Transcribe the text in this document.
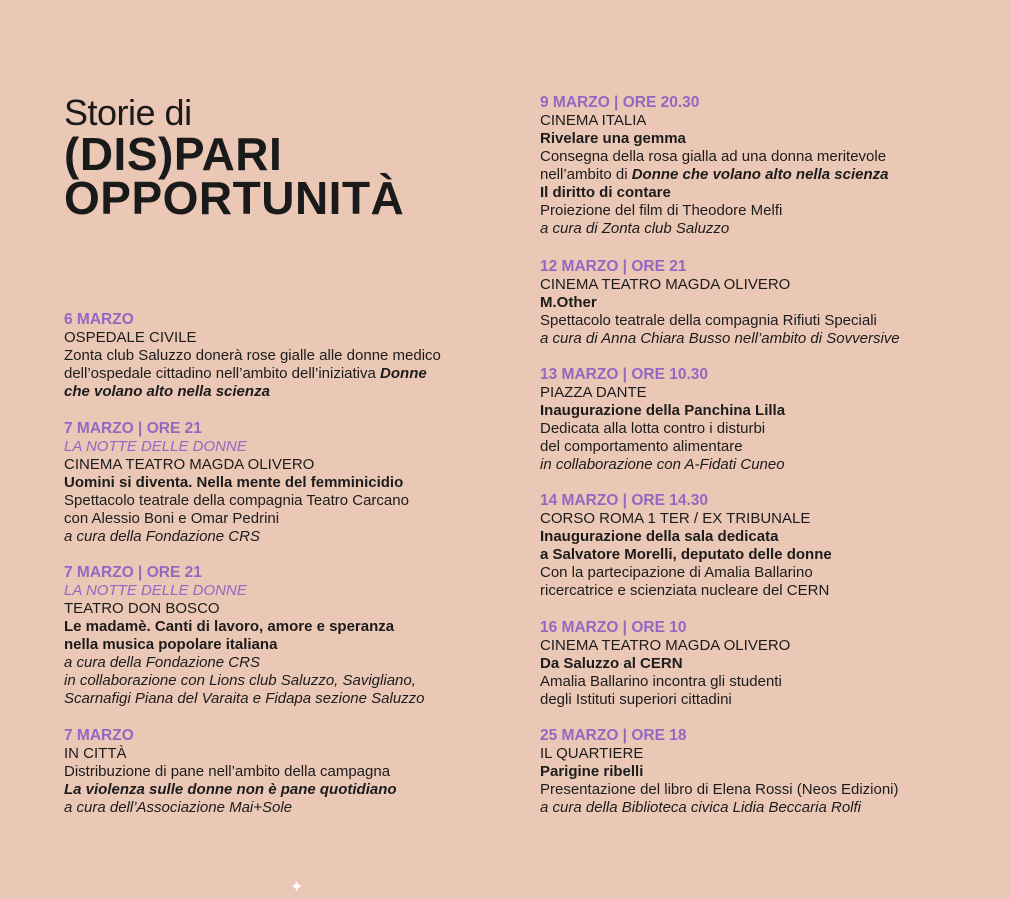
Storie di
(DIS)PARI
OPPORTUNITÀ
6 MARZO
OSPEDALE CIVILE
Zonta club Saluzzo donerà rose gialle alle donne medico
dell’ospedale cittadino nell’ambito dell’iniziativa Donne
che volano alto nella scienza
7 MARZO | ORE 21
LA NOTTE DELLE DONNE
CINEMA TEATRO MAGDA OLIVERO
Uomini si diventa. Nella mente del femminicidio
Spettacolo teatrale della compagnia Teatro Carcano
con Alessio Boni e Omar Pedrini
a cura della Fondazione CRS
7 MARZO | ORE 21
LA NOTTE DELLE DONNE
TEATRO DON BOSCO
Le madamè. Canti di lavoro, amore e speranza
nella musica popolare italiana
a cura della Fondazione CRS
in collaborazione con Lions club Saluzzo, Savigliano,
Scarnafigi Piana del Varaita e Fidapa sezione Saluzzo
7 MARZO
IN CITTÀ
Distribuzione di pane nell’ambito della campagna
La violenza sulle donne non è pane quotidiano
a cura dell’Associazione Mai+Sole
9 MARZO | ORE 20.30
CINEMA ITALIA
Rivelare una gemma
Consegna della rosa gialla ad una donna meritevole
nell’ambito di Donne che volano alto nella scienza
Il diritto di contare
Proiezione del film di Theodore Melfi
a cura di Zonta club Saluzzo
12 MARZO | ORE 21
CINEMA TEATRO MAGDA OLIVERO
M.Other
Spettacolo teatrale della compagnia Rifiuti Speciali
a cura di Anna Chiara Busso nell’ambito di Sovversive
13 MARZO | ORE 10.30
PIAZZA DANTE
Inaugurazione della Panchina Lilla
Dedicata alla lotta contro i disturbi
del comportamento alimentare
in collaborazione con A-Fidati Cuneo
14 MARZO | ORE 14.30
CORSO ROMA 1 TER / EX TRIBUNALE
Inaugurazione della sala dedicata
a Salvatore Morelli, deputato delle donne
Con la partecipazione di Amalia Ballarino
ricercatrice e scienziata nucleare del CERN
16 MARZO | ORE 10
CINEMA TEATRO MAGDA OLIVERO
Da Saluzzo al CERN
Amalia Ballarino incontra gli studenti
degli Istituti superiori cittadini
25 MARZO | ORE 18
IL QUARTIERE
Parigine ribelli
Presentazione del libro di Elena Rossi (Neos Edizioni)
a cura della Biblioteca civica Lidia Beccaria Rolfi
✦
